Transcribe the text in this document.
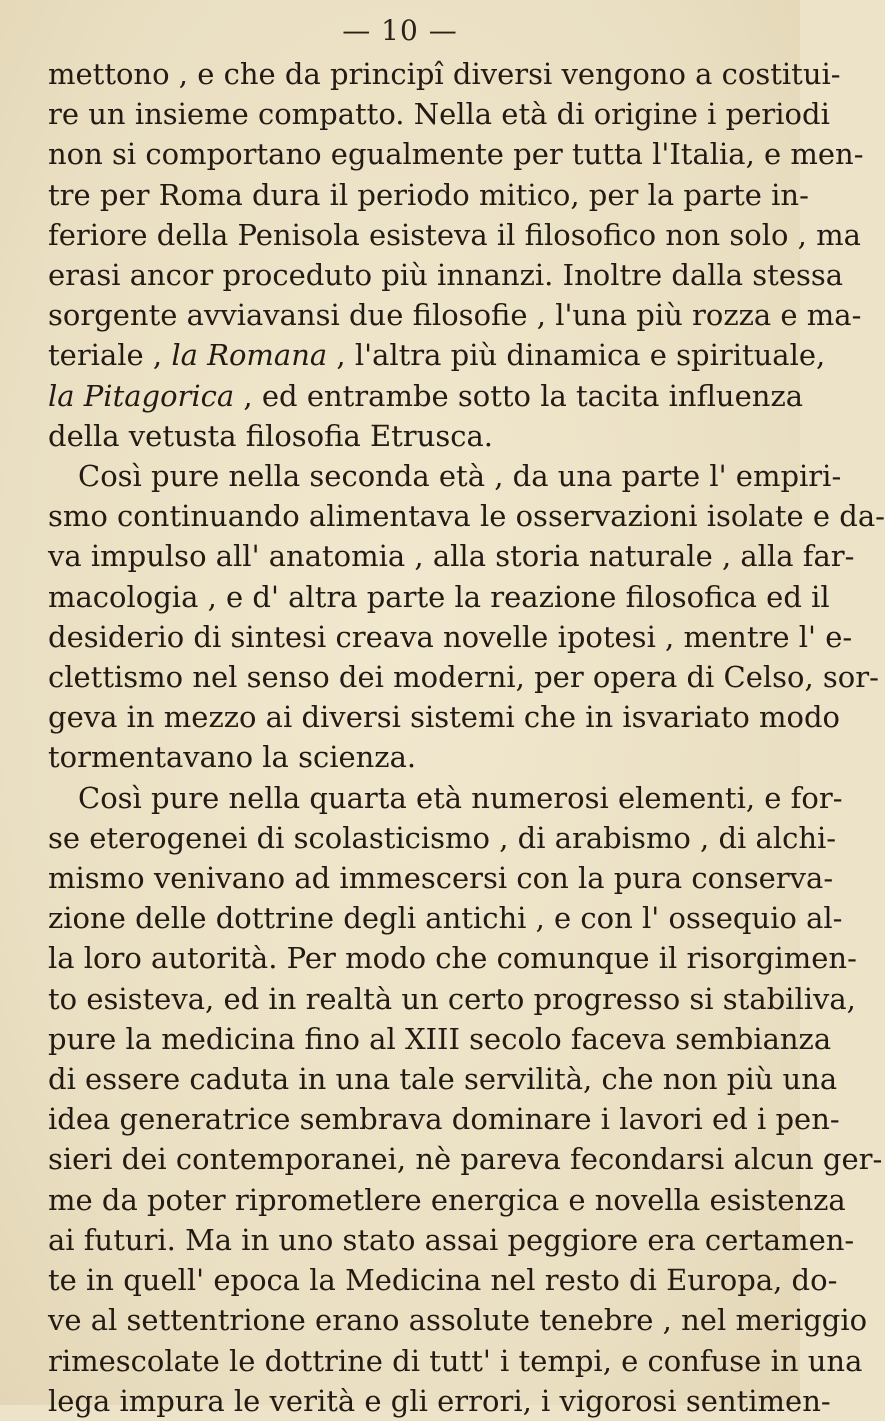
— 10 —
mettono , e che da principî diversi vengono a costitui-
re un insieme compatto. Nella età di origine i periodi
non si comportano egualmente per tutta l'Italia, e men-
tre per Roma dura il periodo mitico, per la parte in-
feriore della Penisola esisteva il filosofico non solo , ma
erasi ancor proceduto più innanzi. Inoltre dalla stessa
sorgente avviavansi due filosofie , l'una più rozza e ma-
teriale , la Romana , l'altra più dinamica e spirituale,
la Pitagorica , ed entrambe sotto la tacita influenza
della vetusta filosofia Etrusca.
Così pure nella seconda età , da una parte l' empiri-
smo continuando alimentava le osservazioni isolate e da-
va impulso all' anatomia , alla storia naturale , alla far-
macologia , e d' altra parte la reazione filosofica ed il
desiderio di sintesi creava novelle ipotesi , mentre l' e-
clettismo nel senso dei moderni, per opera di Celso, sor-
geva in mezzo ai diversi sistemi che in isvariato modo
tormentavano la scienza.
Così pure nella quarta età numerosi elementi, e for-
se eterogenei di scolasticismo , di arabismo , di alchi-
mismo venivano ad immescersi con la pura conserva-
zione delle dottrine degli antichi , e con l' ossequio al-
la loro autorità. Per modo che comunque il risorgimen-
to esisteva, ed in realtà un certo progresso si stabiliva,
pure la medicina fino al XIII secolo faceva sembianza
di essere caduta in una tale servilità, che non più una
idea generatrice sembrava dominare i lavori ed i pen-
sieri dei contemporanei, nè pareva fecondarsi alcun ger-
me da poter riprometlere energica e novella esistenza
ai futuri. Ma in uno stato assai peggiore era certamen-
te in quell' epoca la Medicina nel resto di Europa, do-
ve al settentrione erano assolute tenebre , nel meriggio
rimescolate le dottrine di tutt' i tempi, e confuse in una
lega impura le verità e gli errori, i vigorosi sentimen-
